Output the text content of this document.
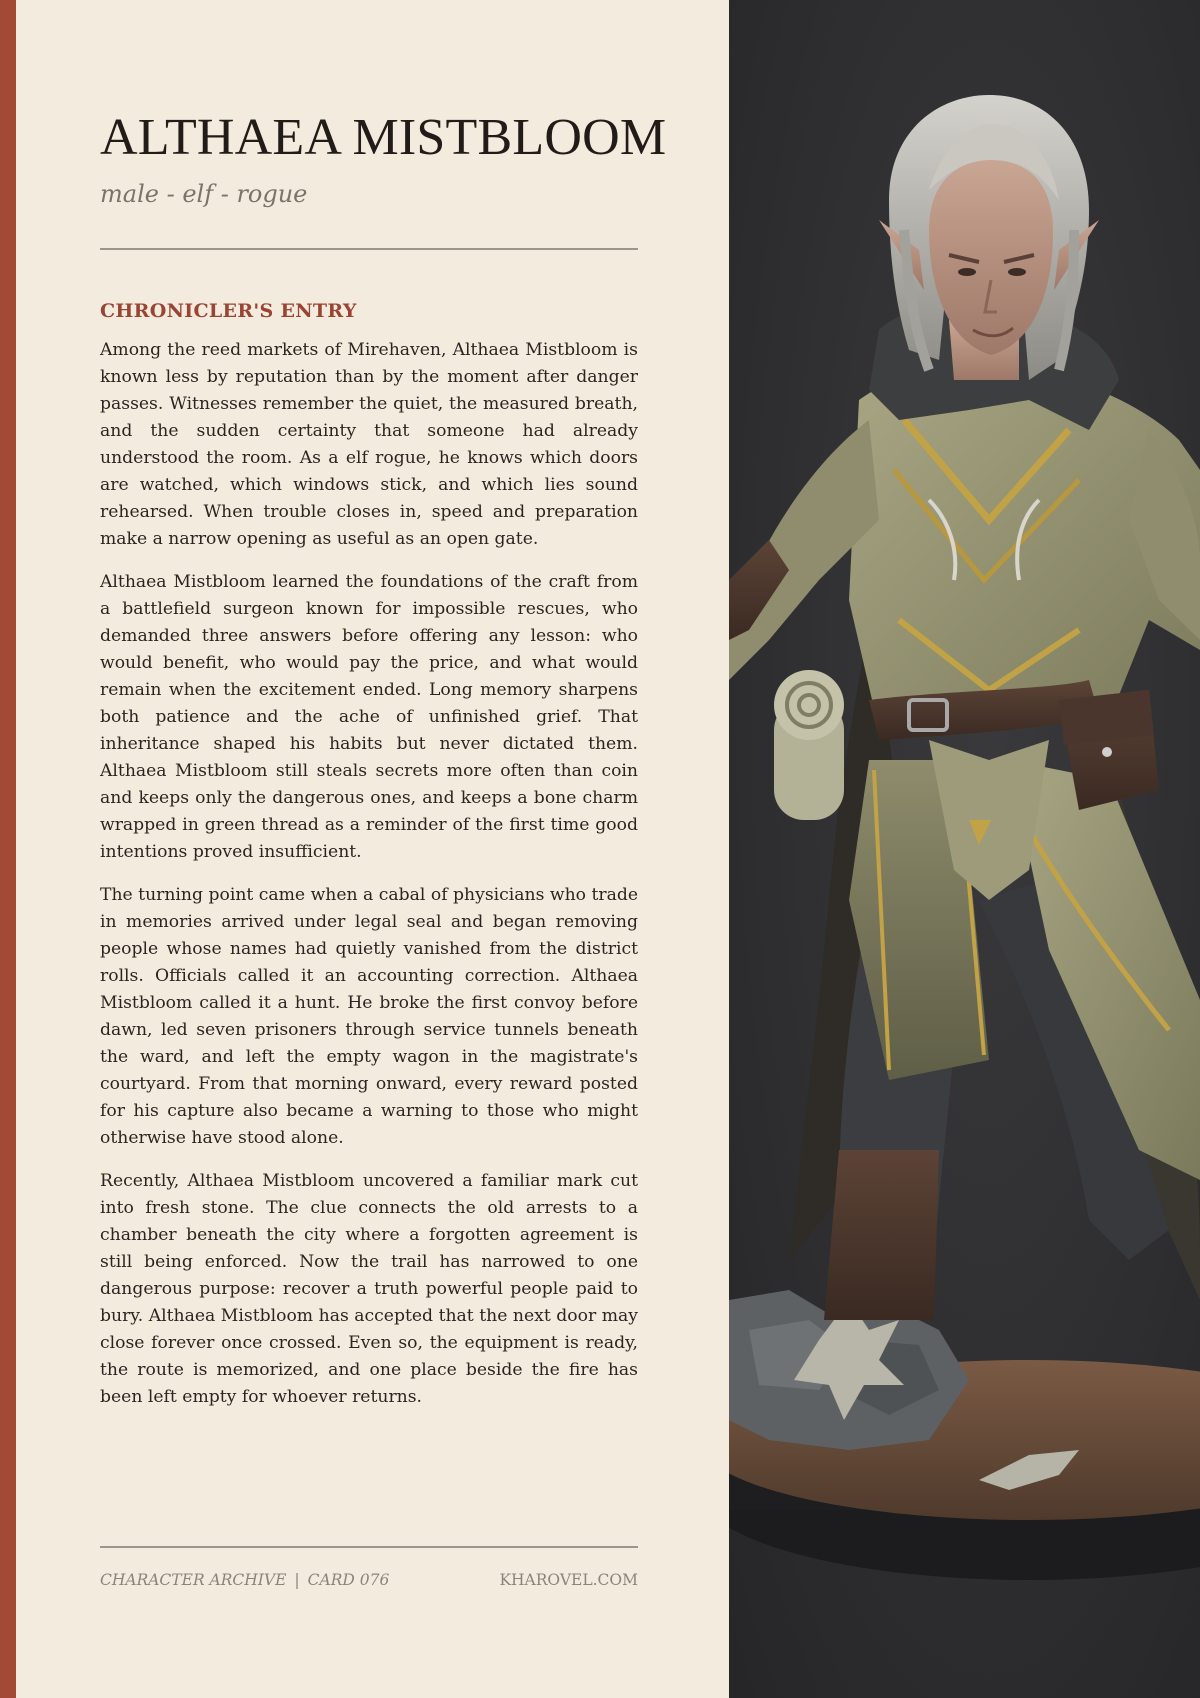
ALTHAEA MISTBLOOM

male - elf - rogue

CHRONICLER'S ENTRY

Among the reed markets of Mirehaven, Althaea Mistbloom is known less by reputation than by the moment after danger passes. Witnesses remember the quiet, the measured breath, and the sudden certainty that someone had already understood the room. As a elf rogue, he knows which doors are watched, which windows stick, and which lies sound rehearsed. When trouble closes in, speed and preparation make a narrow opening as useful as an open gate.

Althaea Mistbloom learned the foundations of the craft from a battlefield surgeon known for impossible rescues, who demanded three answers before offering any lesson: who would benefit, who would pay the price, and what would remain when the excitement ended. Long memory sharpens both patience and the ache of unfinished grief. That inheritance shaped his habits but never dictated them. Althaea Mistbloom still steals secrets more often than coin and keeps only the dangerous ones, and keeps a bone charm wrapped in green thread as a reminder of the first time good intentions proved insufficient.

The turning point came when a cabal of physicians who trade in memories arrived under legal seal and began removing people whose names had quietly vanished from the district rolls. Officials called it an accounting correction. Althaea Mistbloom called it a hunt. He broke the first convoy before dawn, led seven prisoners through service tunnels beneath the ward, and left the empty wagon in the magistrate's courtyard. From that morning onward, every reward posted for his capture also became a warning to those who might otherwise have stood alone.

Recently, Althaea Mistbloom uncovered a familiar mark cut into fresh stone. The clue connects the old arrests to a chamber beneath the city where a forgotten agreement is still being enforced. Now the trail has narrowed to one dangerous purpose: recover a truth powerful people paid to bury. Althaea Mistbloom has accepted that the next door may close forever once crossed. Even so, the equipment is ready, the route is memorized, and one place beside the fire has been left empty for whoever returns.

CHARACTER ARCHIVE | CARD 076	KHAROVEL.COM
